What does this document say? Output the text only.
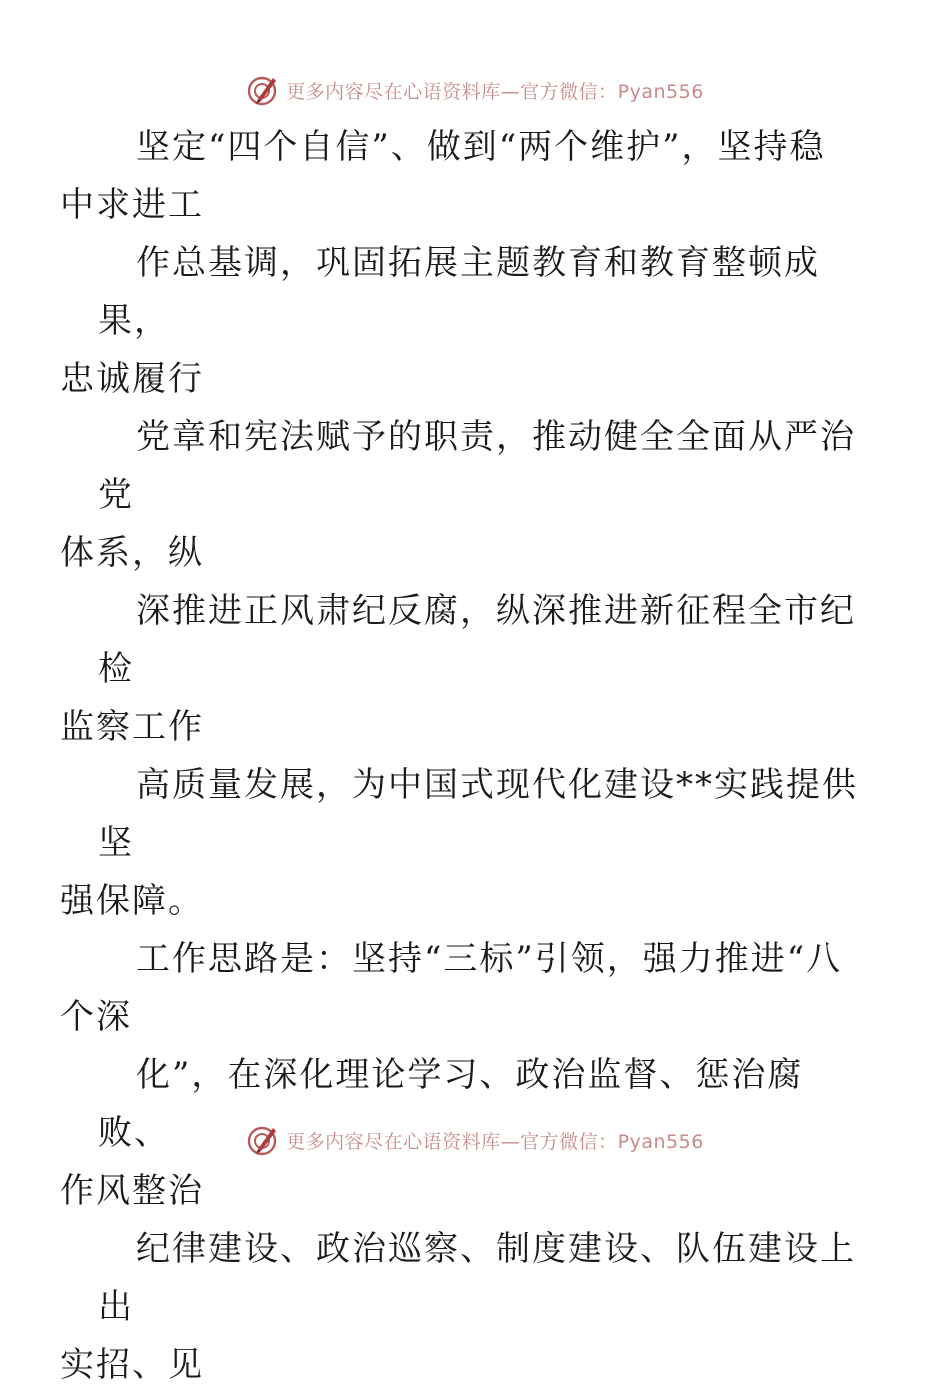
更多内容尽在心语资料库—官方微信：Pyan556

坚定“四个自信”、做到“两个维护”，坚持稳
中求进工

作总基调，巩固拓展主题教育和教育整顿成果，
忠诚履行

党章和宪法赋予的职责，推动健全全面从严治党
体系，纵

深推进正风肃纪反腐，纵深推进新征程全市纪检
监察工作

高质量发展，为中国式现代化建设**实践提供坚
强保障。

工作思路是：坚持“三标”引领，强力推进“八
个深

化”，在深化理论学习、政治监督、惩治腐败、
作风整治

纪律建设、政治巡察、制度建设、队伍建设上出
实招、见

更多内容尽在心语资料库—官方微信：Pyan556
